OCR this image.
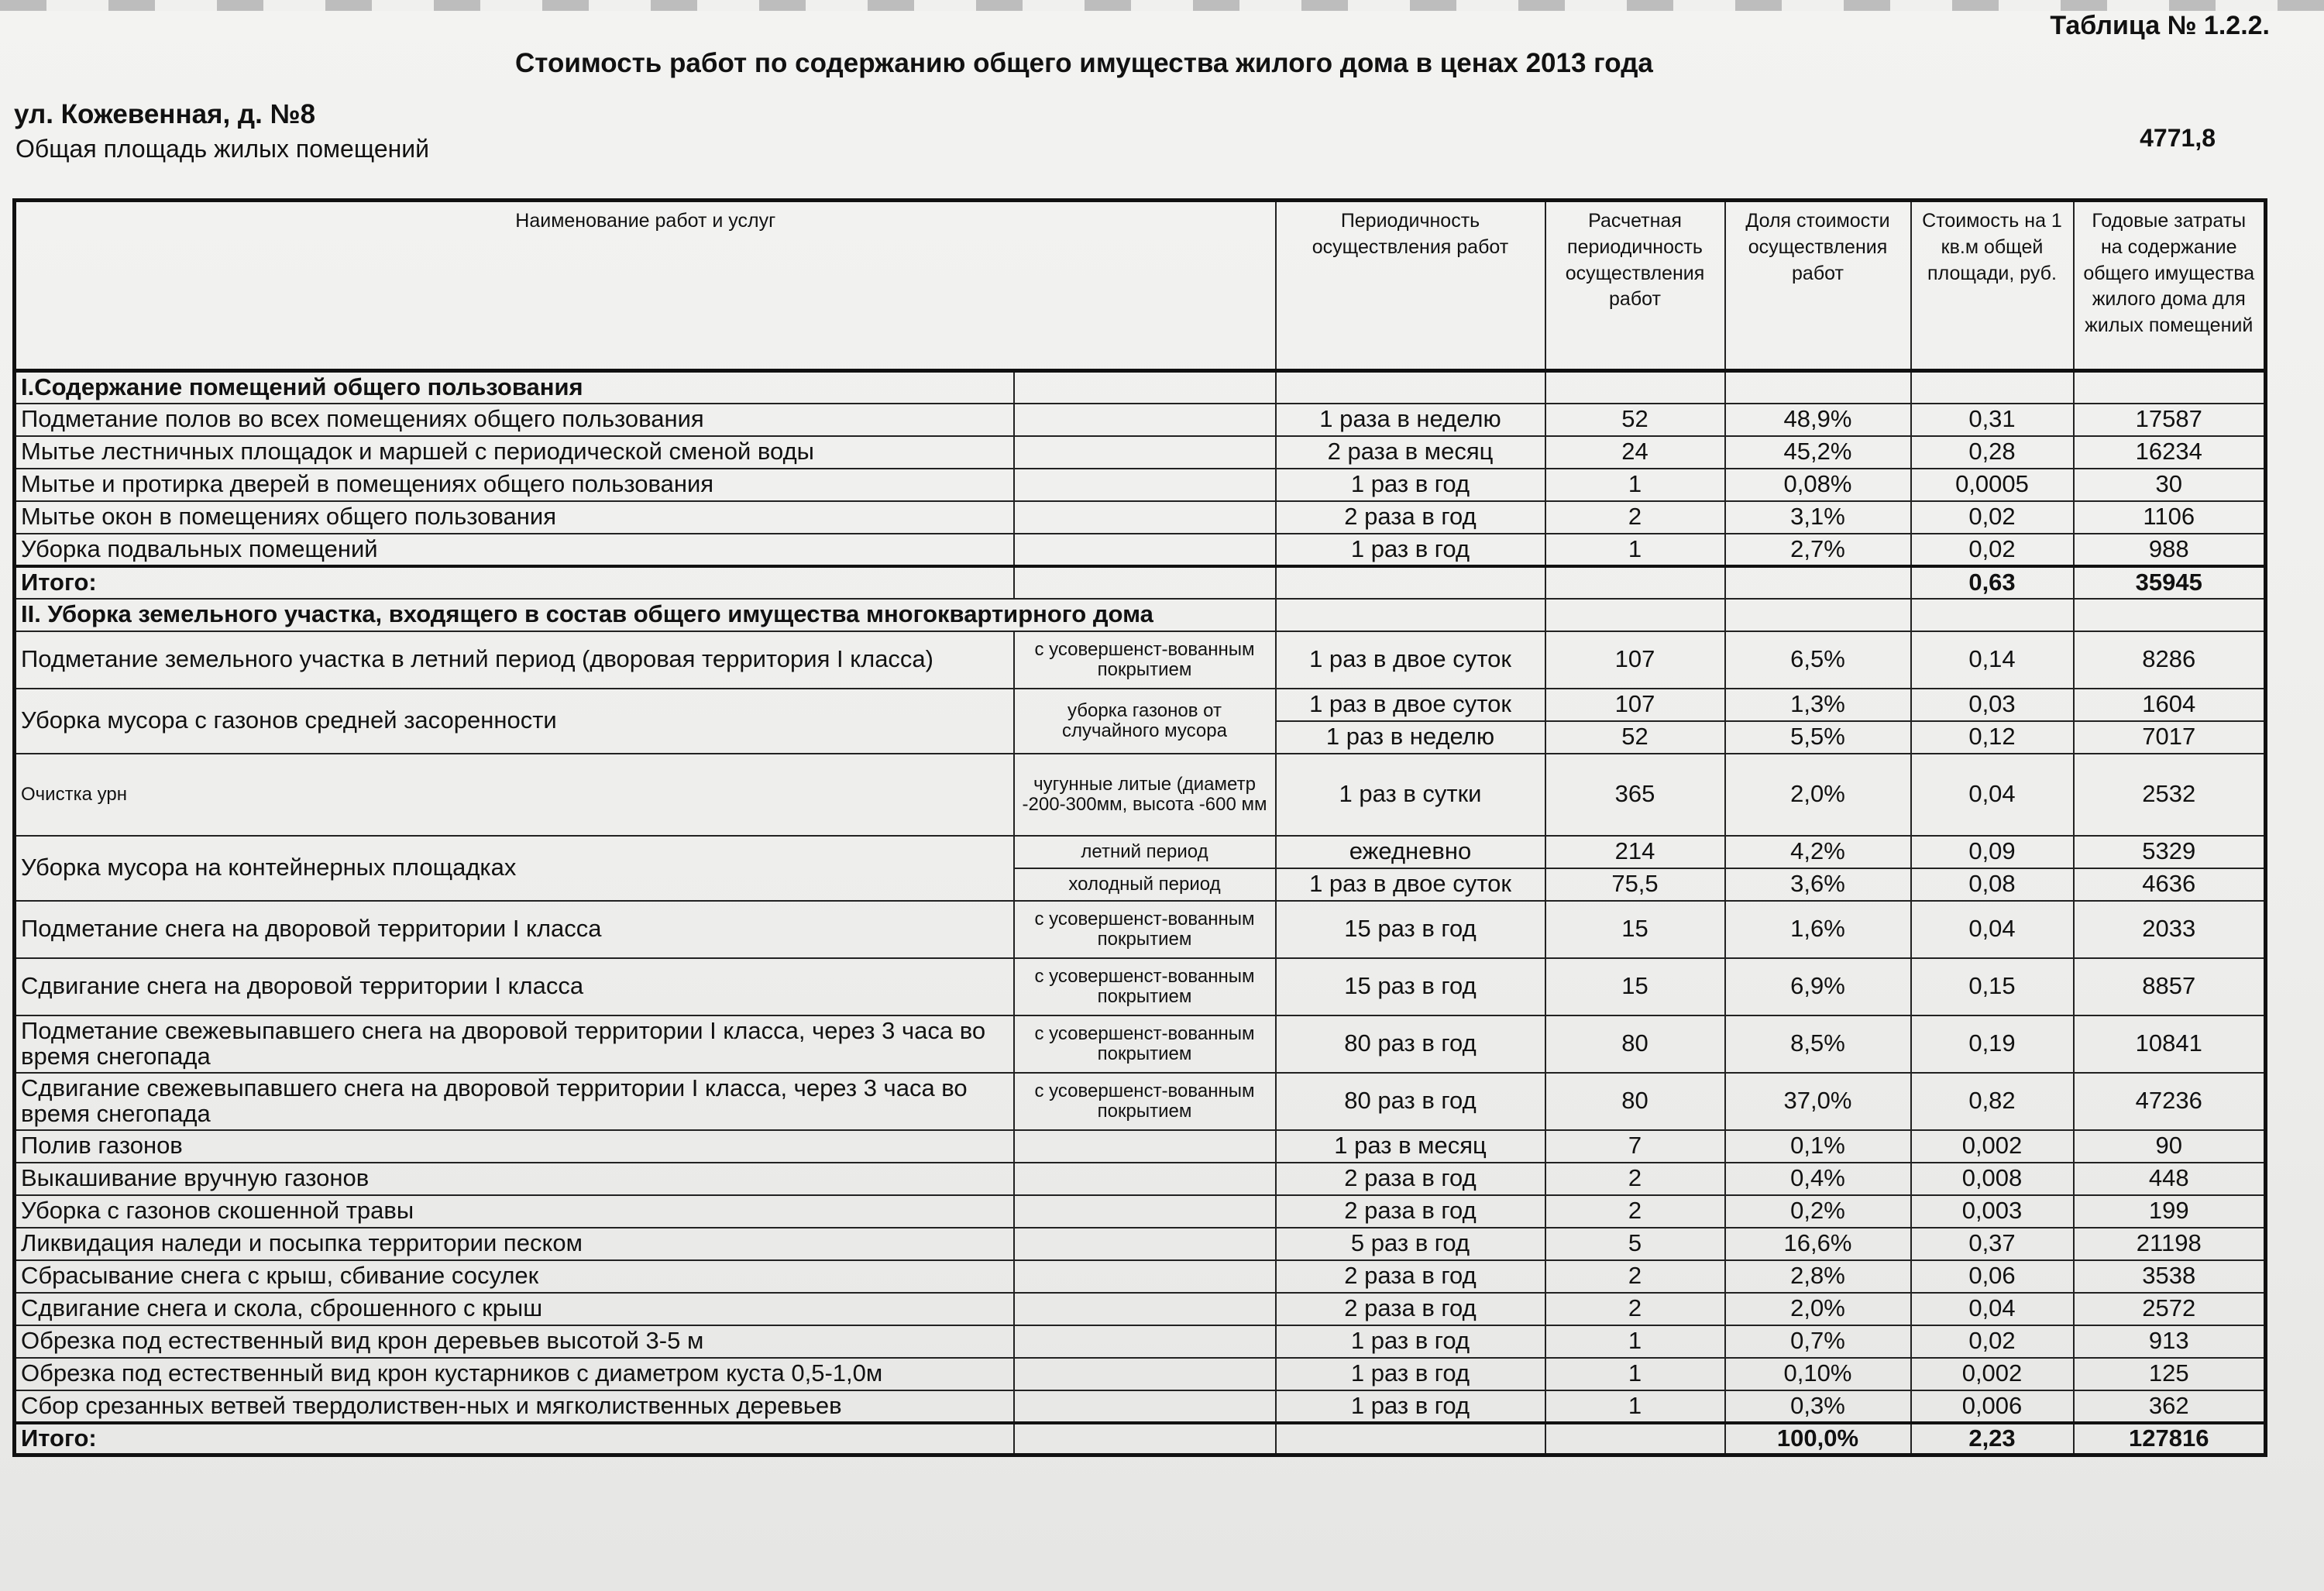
Таблица № 1.2.2.
Стоимость работ по содержанию общего имущества жилого дома в ценах 2013 года
ул. Кожевенная, д. №8
Общая площадь жилых помещений	4771,8
Наименование работ и услуг		Периодичность осуществления работ	Расчетная периодичность осуществления работ	Доля стоимости осуществления работ	Стоимость на 1 кв.м общей площади, руб.	Годовые затраты на содержание общего имущества жилого дома для жилых помещений
I.Содержание помещений общего пользования						
Подметание полов во всех помещениях общего пользования		1 раза в неделю	52	48,9%	0,31	17587
Мытье лестничных площадок и маршей с периодической сменой воды		2 раза в месяц	24	45,2%	0,28	16234
Мытье и протирка дверей в помещениях общего пользования		1 раз в год	1	0,08%	0,0005	30
Мытье окон в помещениях общего пользования		2 раза в год	2	3,1%	0,02	1106
Уборка подвальных помещений		1 раз в год	1	2,7%	0,02	988
Итого:					0,63	35945
II. Уборка земельного участка, входящего в состав общего имущества многоквартирного дома						
Подметание земельного участка в летний период (дворовая территория I класса)	с усовершенст-вованным покрытием	1 раз в двое суток	107	6,5%	0,14	8286
Уборка мусора с газонов средней засоренности	уборка газонов от случайного мусора	1 раз в двое суток	107	1,3%	0,03	1604
		1 раз в неделю	52	5,5%	0,12	7017
Очистка урн	чугунные литые (диаметр -200-300мм, высота -600 мм	1 раз в сутки	365	2,0%	0,04	2532
Уборка мусора на контейнерных площадках	летний период	ежедневно	214	4,2%	0,09	5329
	холодный период	1 раз в двое суток	75,5	3,6%	0,08	4636
Подметание снега на дворовой территории I класса	с усовершенст-вованным покрытием	15 раз в год	15	1,6%	0,04	2033
Сдвигание снега на дворовой территории I класса	с усовершенст-вованным покрытием	15 раз в год	15	6,9%	0,15	8857
Подметание свежевыпавшего снега на дворовой территории I класса, через 3 часа во время снегопада	с усовершенст-вованным покрытием	80 раз в год	80	8,5%	0,19	10841
Сдвигание свежевыпавшего снега на дворовой территории I класса, через 3 часа во время снегопада	с усовершенст-вованным покрытием	80 раз в год	80	37,0%	0,82	47236
Полив газонов		1 раз в месяц	7	0,1%	0,002	90
Выкашивание вручную газонов		2 раза в год	2	0,4%	0,008	448
Уборка с газонов скошенной травы		2 раза в год	2	0,2%	0,003	199
Ликвидация наледи и посыпка территории песком		5 раз в год	5	16,6%	0,37	21198
Сбрасывание снега с крыш, сбивание сосулек		2 раза в год	2	2,8%	0,06	3538
Сдвигание снега и скола, сброшенного с крыш		2 раза в год	2	2,0%	0,04	2572
Обрезка под естественный вид крон деревьев высотой 3-5 м		1 раз в год	1	0,7%	0,02	913
Обрезка под естественный вид крон кустарников с диаметром куста 0,5-1,0м		1 раз в год	1	0,10%	0,002	125
Сбор срезанных ветвей твердолиствен-ных и мягколиственных деревьев		1 раз в год	1	0,3%	0,006	362
Итого:				100,0%	2,23	127816
